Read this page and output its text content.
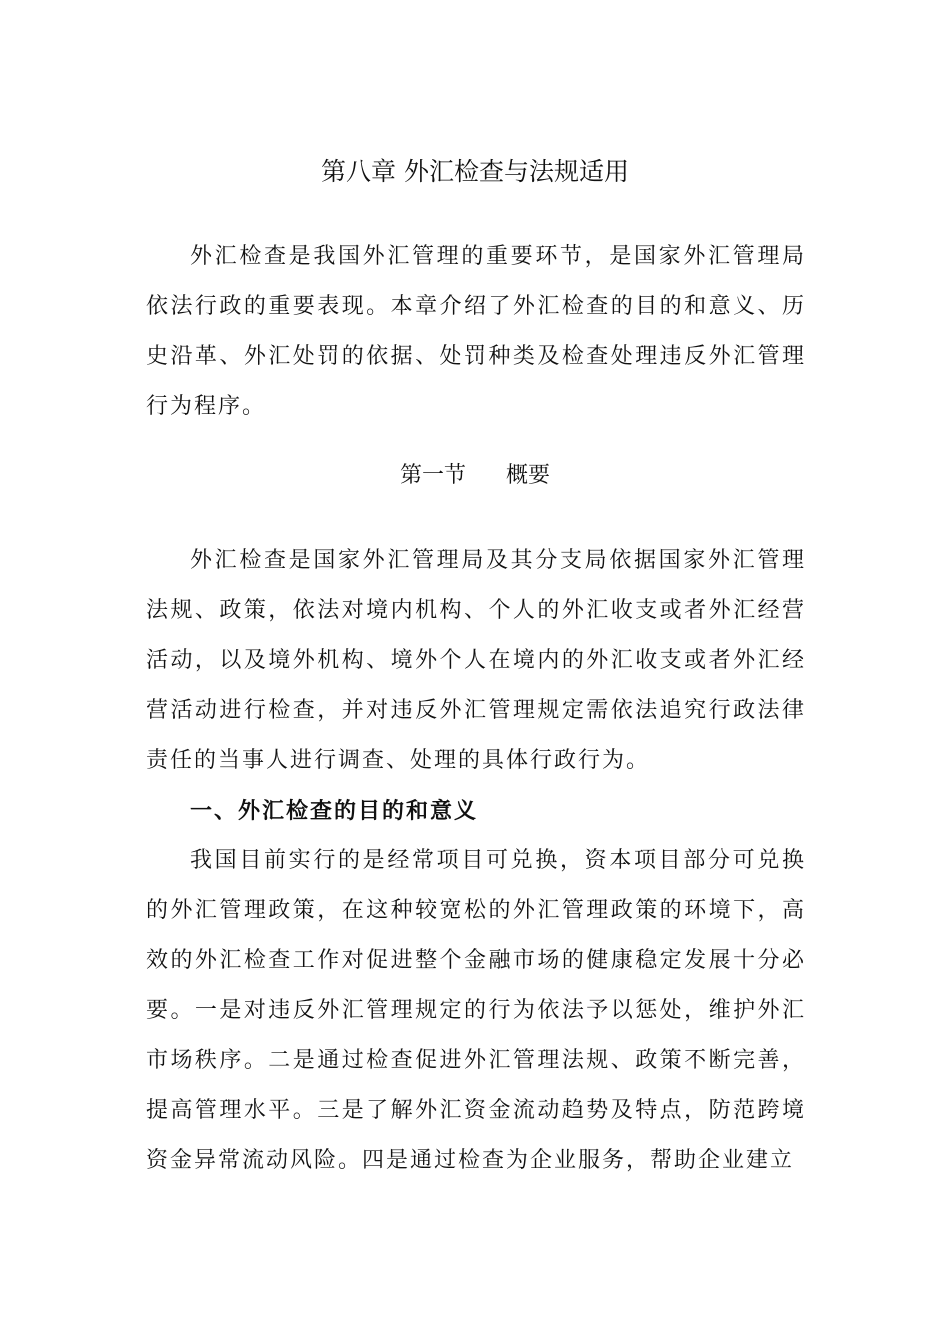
第八章 外汇检查与法规适用

外汇检查是我国外汇管理的重要环节，是国家外汇管理局依法行政的重要表现。本章介绍了外汇检查的目的和意义、历史沿革、外汇处罚的依据、处罚种类及检查处理违反外汇管理行为程序。

第一节 概要

外汇检查是国家外汇管理局及其分支局依据国家外汇管理法规、政策，依法对境内机构、个人的外汇收支或者外汇经营活动，以及境外机构、境外个人在境内的外汇收支或者外汇经营活动进行检查，并对违反外汇管理规定需依法追究行政法律责任的当事人进行调查、处理的具体行政行为。

一、外汇检查的目的和意义

我国目前实行的是经常项目可兑换，资本项目部分可兑换的外汇管理政策，在这种较宽松的外汇管理政策的环境下，高效的外汇检查工作对促进整个金融市场的健康稳定发展十分必要。一是对违反外汇管理规定的行为依法予以惩处，维护外汇市场秩序。二是通过检查促进外汇管理法规、政策不断完善，提高管理水平。三是了解外汇资金流动趋势及特点，防范跨境资金异常流动风险。四是通过检查为企业服务，帮助企业建立
